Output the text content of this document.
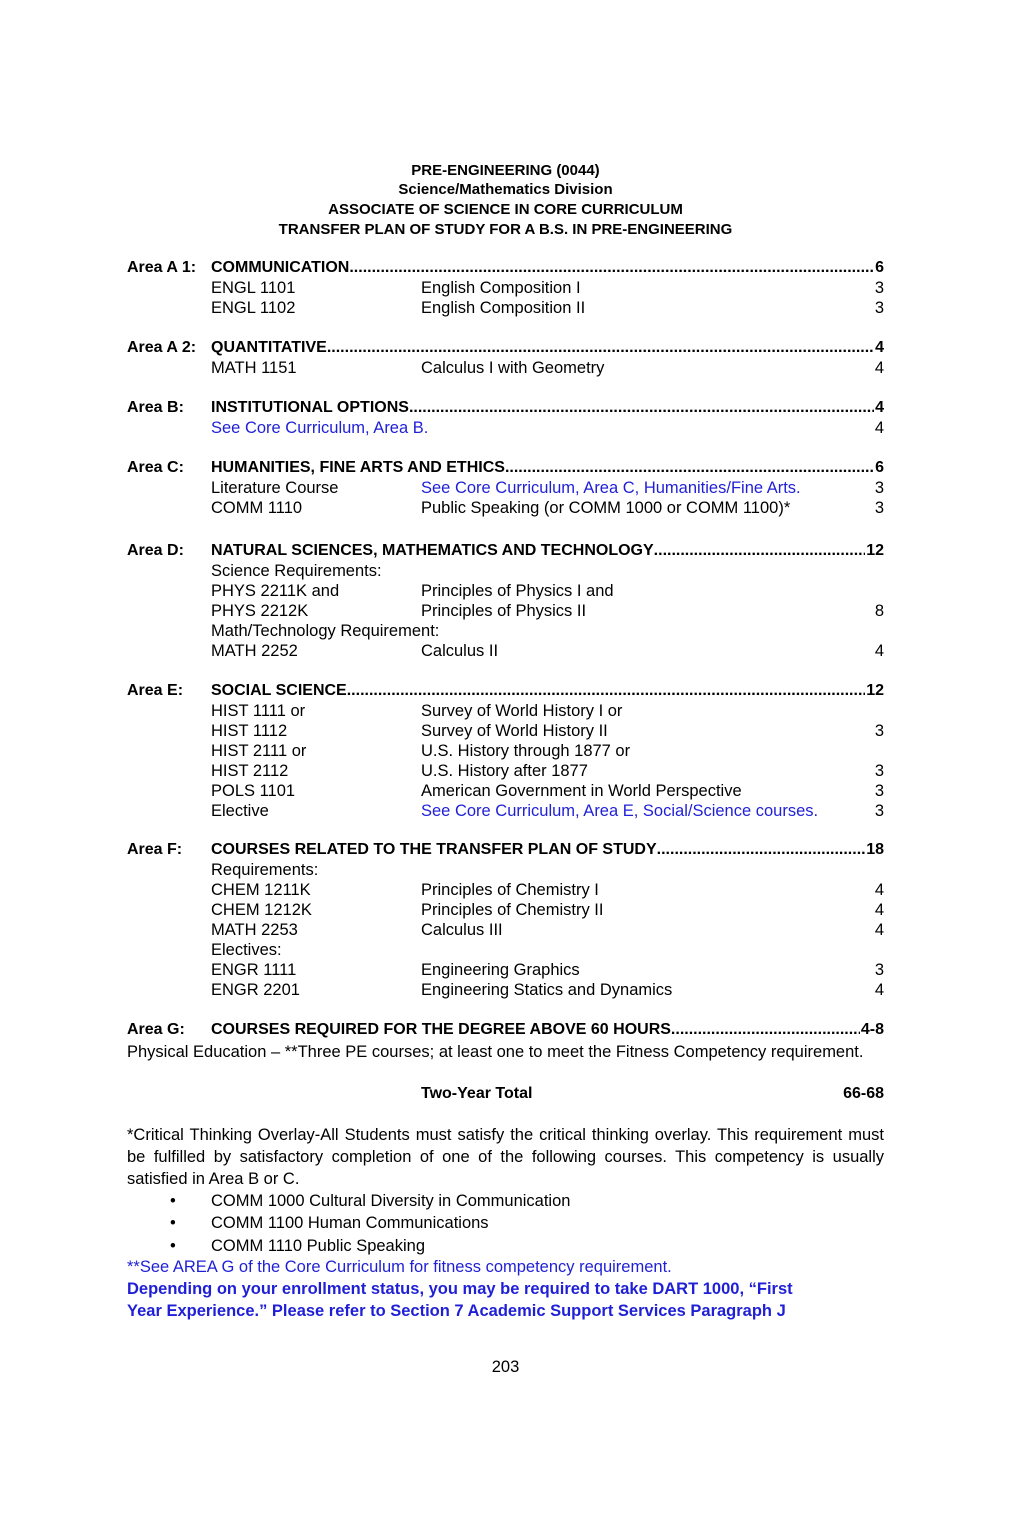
PRE-ENGINEERING (0044)
Science/Mathematics Division
ASSOCIATE OF SCIENCE IN CORE CURRICULUM
TRANSFER PLAN OF STUDY FOR A B.S. IN PRE-ENGINEERING
Area A 1: COMMUNICATION .....	6
ENGL 1101	English Composition I	3
ENGL 1102	English Composition II	3
Area A 2: QUANTITATIVE .....	4
MATH 1151	Calculus I with Geometry	4
Area B: INSTITUTIONAL OPTIONS .....	4
See Core Curriculum, Area B.	4
Area C: HUMANITIES, FINE ARTS AND ETHICS .....	6
Literature Course	See Core Curriculum, Area C, Humanities/Fine Arts.	3
COMM 1110	Public Speaking (or COMM 1000 or COMM 1100)*	3
Area D: NATURAL SCIENCES, MATHEMATICS AND TECHNOLOGY .....	12
Science Requirements:
PHYS 2211K and	Principles of Physics I and
PHYS 2212K	Principles of Physics II	8
Math/Technology Requirement:
MATH 2252	Calculus II	4
Area E: SOCIAL SCIENCE .....	12
HIST 1111 or	Survey of World History I or
HIST 1112	Survey of World History II	3
HIST 2111 or	U.S. History through 1877 or
HIST 2112	U.S. History after 1877	3
POLS 1101	American Government in World Perspective	3
Elective	See Core Curriculum, Area E, Social/Science courses.	3
Area F: COURSES RELATED TO THE TRANSFER PLAN OF STUDY .....	18
Requirements:
CHEM 1211K	Principles of Chemistry I	4
CHEM 1212K	Principles of Chemistry II	4
MATH 2253	Calculus III	4
Electives:
ENGR 1111	Engineering Graphics	3
ENGR 2201	Engineering Statics and Dynamics	4
Area G: COURSES REQUIRED FOR THE DEGREE ABOVE 60 HOURS .....	4-8
Physical Education – **Three PE courses; at least one to meet the Fitness Competency requirement.
Two-Year Total	66-68
*Critical Thinking Overlay-All Students must satisfy the critical thinking overlay. This requirement must be fulfilled by satisfactory completion of one of the following courses. This competency is usually satisfied in Area B or C.
• COMM 1000 Cultural Diversity in Communication
• COMM 1100 Human Communications
• COMM 1110 Public Speaking
**See AREA G of the Core Curriculum for fitness competency requirement.
Depending on your enrollment status, you may be required to take DART 1000, “First
Year Experience.” Please refer to Section 7 Academic Support Services Paragraph J
203
